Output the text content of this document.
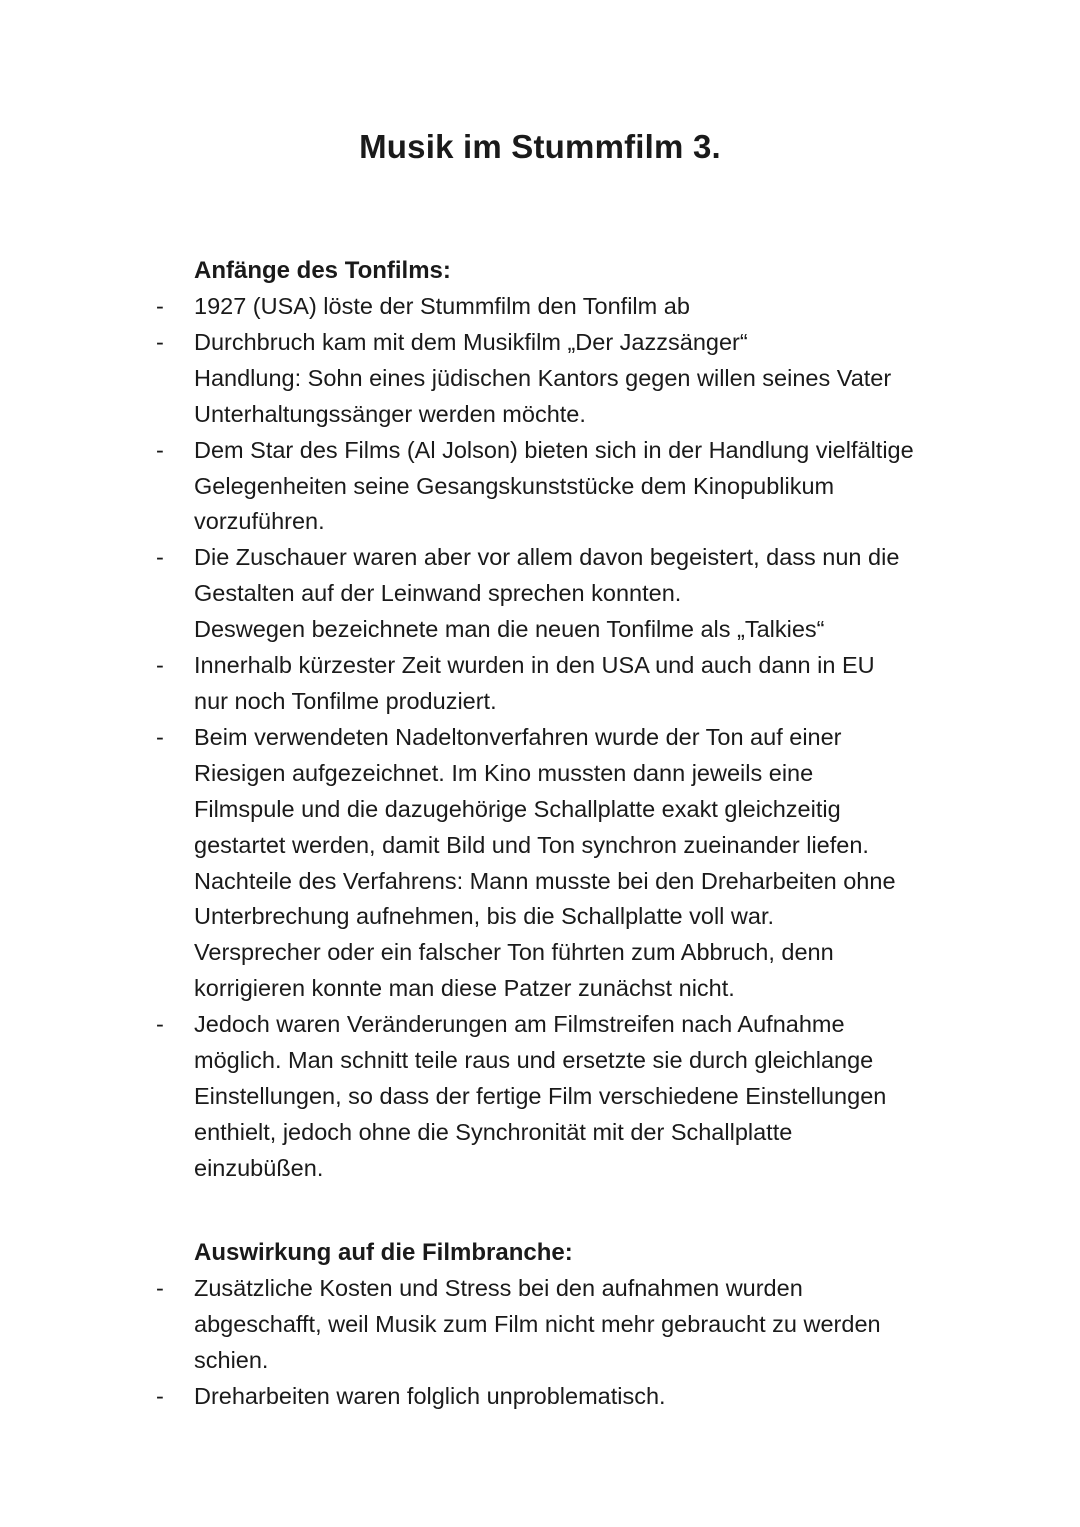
Musik im Stummfilm 3.
Anfänge des Tonfilms:
- 1927 (USA) löste der Stummfilm den Tonfilm ab
- Durchbruch kam mit dem Musikfilm „Der Jazzsänger“
Handlung: Sohn eines jüdischen Kantors gegen willen seines Vater
Unterhaltungssänger werden möchte.
- Dem Star des Films (Al Jolson) bieten sich in der Handlung vielfältige
Gelegenheiten seine Gesangskunststücke dem Kinopublikum
vorzuführen.
- Die Zuschauer waren aber vor allem davon begeistert, dass nun die
Gestalten auf der Leinwand sprechen konnten.
Deswegen bezeichnete man die neuen Tonfilme als „Talkies“
- Innerhalb kürzester Zeit wurden in den USA und auch dann in EU
nur noch Tonfilme produziert.
- Beim verwendeten Nadeltonverfahren wurde der Ton auf einer
Riesigen aufgezeichnet. Im Kino mussten dann jeweils eine
Filmspule und die dazugehörige Schallplatte exakt gleichzeitig
gestartet werden, damit Bild und Ton synchron zueinander liefen.
Nachteile des Verfahrens: Mann musste bei den Dreharbeiten ohne
Unterbrechung aufnehmen, bis die Schallplatte voll war.
Versprecher oder ein falscher Ton führten zum Abbruch, denn
korrigieren konnte man diese Patzer zunächst nicht.
- Jedoch waren Veränderungen am Filmstreifen nach Aufnahme
möglich. Man schnitt teile raus und ersetzte sie durch gleichlange
Einstellungen, so dass der fertige Film verschiedene Einstellungen
enthielt, jedoch ohne die Synchronität mit der Schallplatte
einzubüßen.
Auswirkung auf die Filmbranche:
- Zusätzliche Kosten und Stress bei den aufnahmen wurden
abgeschafft, weil Musik zum Film nicht mehr gebraucht zu werden
schien.
- Dreharbeiten waren folglich unproblematisch.
